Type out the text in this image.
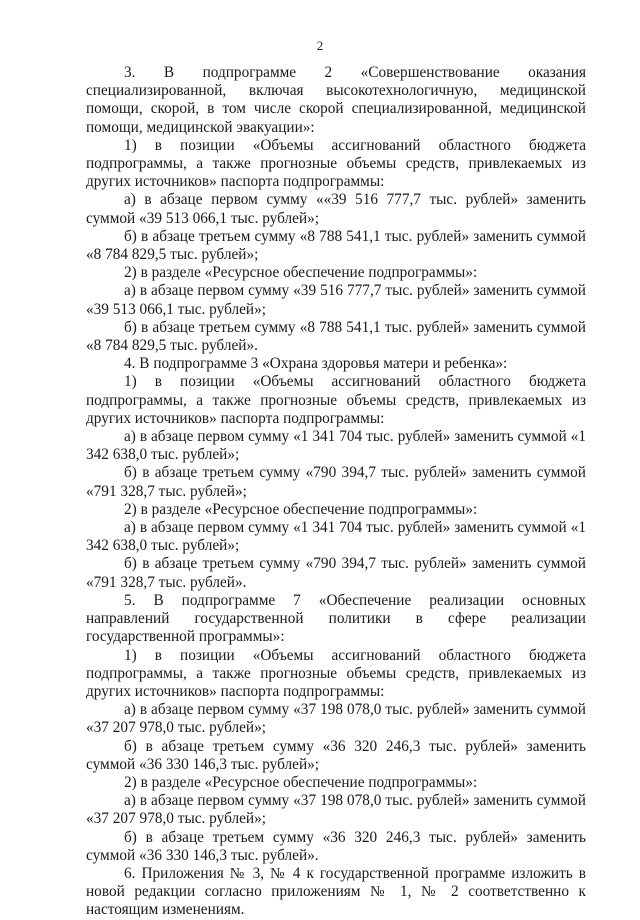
2

3. В подпрограмме 2 «Совершенствование оказания специализированной, включая высокотехнологичную, медицинской помощи, скорой, в том числе скорой специализированной, медицинской помощи, медицинской эвакуации»:

1) в позиции «Объемы ассигнований областного бюджета подпрограммы, а также прогнозные объемы средств, привлекаемых из других источников» паспорта подпрограммы:

а) в абзаце первом сумму ««39 516 777,7 тыс. рублей» заменить суммой «39 513 066,1 тыс. рублей»;

б) в абзаце третьем сумму «8 788 541,1 тыс. рублей» заменить суммой «8 784 829,5 тыс. рублей»;

2) в разделе «Ресурсное обеспечение подпрограммы»:

а) в абзаце первом сумму «39 516 777,7 тыс. рублей» заменить суммой «39 513 066,1 тыс. рублей»;

б) в абзаце третьем сумму «8 788 541,1 тыс. рублей» заменить суммой «8 784 829,5 тыс. рублей».

4. В подпрограмме 3 «Охрана здоровья матери и ребенка»:

1) в позиции «Объемы ассигнований областного бюджета подпрограммы, а также прогнозные объемы средств, привлекаемых из других источников» паспорта подпрограммы:

а) в абзаце первом сумму «1 341 704 тыс. рублей» заменить суммой «1 342 638,0 тыс. рублей»;

б) в абзаце третьем сумму «790 394,7 тыс. рублей» заменить суммой «791 328,7 тыс. рублей»;

2) в разделе «Ресурсное обеспечение подпрограммы»:

а) в абзаце первом сумму «1 341 704 тыс. рублей» заменить суммой «1 342 638,0 тыс. рублей»;

б) в абзаце третьем сумму «790 394,7 тыс. рублей» заменить суммой «791 328,7 тыс. рублей».

5. В подпрограмме 7 «Обеспечение реализации основных направлений государственной политики в сфере реализации государственной программы»:

1) в позиции «Объемы ассигнований областного бюджета подпрограммы, а также прогнозные объемы средств, привлекаемых из других источников» паспорта подпрограммы:

а) в абзаце первом сумму «37 198 078,0 тыс. рублей» заменить суммой «37 207 978,0 тыс. рублей»;

б) в абзаце третьем сумму «36 320 246,3 тыс. рублей» заменить суммой «36 330 146,3 тыс. рублей»;

2) в разделе «Ресурсное обеспечение подпрограммы»:

а) в абзаце первом сумму «37 198 078,0 тыс. рублей» заменить суммой «37 207 978,0 тыс. рублей»;

б) в абзаце третьем сумму «36 320 246,3 тыс. рублей» заменить суммой «36 330 146,3 тыс. рублей».

6. Приложения № 3, № 4 к государственной программе изложить в новой редакции согласно приложениям № 1, № 2 соответственно к настоящим изменениям.
